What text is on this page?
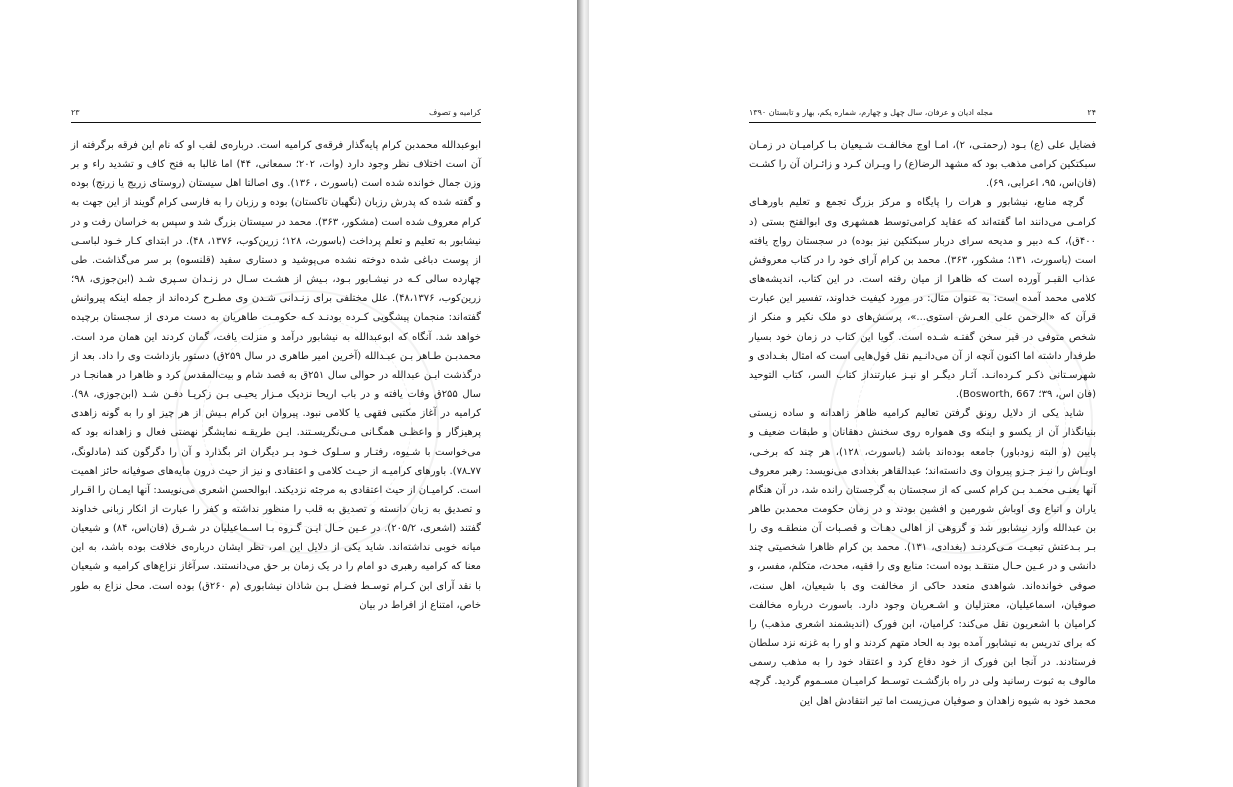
کرامیه و تصوف
۲۳

ابوعبدالله محمدبن کرام پایه‌گذار فرقه‌ی کرامیه است. درباره‌ی لقب او که نام این فرقه برگرفته از آن است اختلاف نظر وجود دارد (وات، ۲۰۲؛ سمعانی، ۴۴) اما غالبا به فتح کاف و تشدید راء و بر وزن جمال خوانده شده است (باسورث ، ۱۳۶). وی اصالتا اهل سیستان (روستای زریج یا زرنج) بوده و گفته شده که پدرش رزبان (نگهبان تاکستان) بوده و رزبان را به فارسی کرام گویند از این جهت به کرام معروف شده است (مشکور، ۳۶۳). محمد در سیستان بزرگ شد و سپس به خراسان رفت و در نیشابور به تعلیم و تعلم پرداخت (باسورث، ۱۲۸؛ زرین‌کوب، ۱۳۷۶، ۴۸). در ابتدای کـار خـود لباسـی از پوست دباغی شده دوخته نشده می‌پوشید و دستاری سفید (قلنسوه) بر سر می‌گذاشت. طی چهارده سالی کـه در نیشـابور بـود، بـیش از هشـت سـال در زنـدان سـپری شـد (ابن‌جوزی، ۹۸؛ زرین‌کوب، ۴۸،۱۳۷۶). علل مختلفی برای زنـدانی شـدن وی مطـرح کرده‌اند از جمله اینکه پیروانش گفته‌اند: منجمان پیشگویی کـرده بودنـد کـه حکومـت طاهریان به دست مردی از سجستان برچیده خواهد شد. آنگاه که ابوعبدالله به نیشابور درآمد و منزلت یافت، گمان کردند این همان مرد است. محمدبـن طـاهر بـن عبـدالله (آخرین امیر طاهری در سال ۲۵۹ق) دستور بازداشت وی را داد. بعد از درگذشت ابـن عبدالله در حوالی سال ۲۵۱ق به قصد شام و بیت‌المقدس کرد و ظاهرا در همانجـا در سال ۲۵۵ق وفات یافته و در باب اریحا نزدیک مـزار یحیـی بـن زکریـا دفـن شـد (ابن‌جوزی، ۹۸). کرامیه در آغاز مکتبی فقهی یا کلامی نبود. پیروان ابن کرام بـیش از هر چیز او را به گونه زاهدی پرهیزگار و واعظـی همگـانی مـی‌نگریسـتند. ایـن طریقـه نمایشگر نهضتی فعال و زاهدانه بود که می‌خواست با شـیوه، رفتـار و سـلوک خـود بـر دیگران اثر بگذارد و آن را دگرگون کند (مادلونگ، ۷۷ـ۷۸). باورهای کرامیـه از حیـث کلامی و اعتقادی و نیز از حیث درون مایه‌های صوفیانه حائز اهمیت است. کرامیـان از حیث اعتقادی به مرجئه نزدیکند. ابوالحسن اشعری می‌نویسد: آنها ایمـان را اقـرار و تصدیق به زبان دانسته و تصدیق به قلب را منظور نداشته و کفر را عبارت از انکار زبانی خداوند گفتند (اشعری، ۲۰۵/۲). در عـین حـال ایـن گـروه بـا اسـماعیلیان در شـرق (فان‌اس، ۸۴) و شیعیان میانه خوبی نداشته‌اند. شاید یکی از دلایل این امر، نظر ایشان درباره‌ی خلافت بوده باشد، به این معنا که کرامیه رهبری دو امام را در یک زمان بر حق می‌دانستند. سرآغاز نزاع‌های کرامیه و شیعیان با نقد آرای ابن کـرام توسـط فضـل بـن شاذان نیشابوری (م ۲۶۰ق) بوده است. محل نزاع به طور خاص، امتناع از افراط در بیان

مجله ادیان و عرفان، سال چهل و چهارم، شماره یکم، بهار و تابستان ۱۳۹۰	۲۴

فضایل علی (ع) بـود (رحمتـی، ۲)، امـا اوج مخالفـت شـیعیان بـا کرامیـان در زمـان سبکتکین کرامی مذهب بود که مشهد الرضا(ع) را ویـران کـرد و زائـران آن را کشـت (فان‌اس، ۹۵، اعرابی، ۶۹).

گرچه منابع، نیشابور و هرات را پایگاه و مرکز بزرگ تجمع و تعلیم باورهـای کرامـی می‌دانند اما گفته‌اند که عقاید کرامی‌توسط همشهری وی ابوالفتح بستی (د ۴۰۰ق)، کـه دبیر و مدیحه سرای دربار سبکتکین نیز بوده) در سجستان رواج یافته است (باسورث، ۱۳۱؛ مشکور، ۳۶۳). محمد بن کرام آرای خود را در کتاب معروفش عذاب القبـر آورده است که ظاهرا از میان رفته است. در این کتاب، اندیشه‌های کلامی محمد آمده است: به عنوان مثال: در مورد کیفیت خداوند، تفسیر این عبارت قرآن که «الرحمن علی العـرش استوی...»، پرسش‌های دو ملک نکیر و منکر از شخص متوفی در قبر سخن گفتـه شـده است. گویا این کتاب در زمان خود بسیار طرفدار داشته اما اکنون آنچه از آن می‌دانـیم نقل قول‌هایی است که امثال بغـدادی و شهرسـتانی ذکـر کـرده‌انـد. آثـار دیگـر او نیـز عبارتنداز کتاب السر، کتاب التوحید (فان اس، ۳۹؛ Bosworth, 667).

شاید یکی از دلایل رونق گرفتن تعالیم کرامیه ظاهر زاهدانه و ساده زیستی بنیانگذار آن از یکسو و اینکه وی همواره روی سخنش دهقانان و طبقات ضعیف و پایین (و البته زودباور) جامعه بوده‌اند باشد (باسورث، ۱۲۸)، هر چند که برخـی، اوبـاش را نیـز جـزو پیروان وی دانسته‌اند؛ عبدالقاهر بغدادی می‌نویسد: رهبر معروف آنها یعنـی محمـد بـن کرام کسی که از سجستان به گرجستان رانده شد، در آن هنگام یاران و اتباع وی اوباش شورمین و افشین بودند و در زمان حکومت محمدبن طاهر بن عبدالله وارد نیشابور شد و گروهی از اهالی دهـات و قصـبات آن منطقـه وی را بـر بـدعتش تبعیـت مـی‌کردنـد (بغدادی، ۱۳۱). محمد بن کرام ظاهرا شخصیتی چند دانشی و در عـین حـال منتقـد بوده است: منابع وی را فقیه، محدث، متکلم، مفسر، و صوفی خوانده‌اند. شواهدی متعدد حاکی از مخالفت وی با شیعیان، اهل سنت، صوفیان، اسماعیلیان، معتزلیان و اشـعریان وجود دارد. باسورث درباره مخالفت کرامیان با اشعریون نقل می‌کند: کرامیان، ابن فورک (اندیشمند اشعری مذهب) را که برای تدریس به نیشابور آمده بود به الحاد متهم کردند و او را به غزنه نزد سلطان فرستادند. در آنجا ابن فورک از خود دفاع کرد و اعتقاد خود را به مذهب رسمی مالوف به ثبوت رسانید ولی در راه بازگشـت توسـط کرامیـان مسـموم گردید. گرچه محمد خود به شیوه زاهدان و صوفیان می‌زیست اما تیر انتقادش اهل این
